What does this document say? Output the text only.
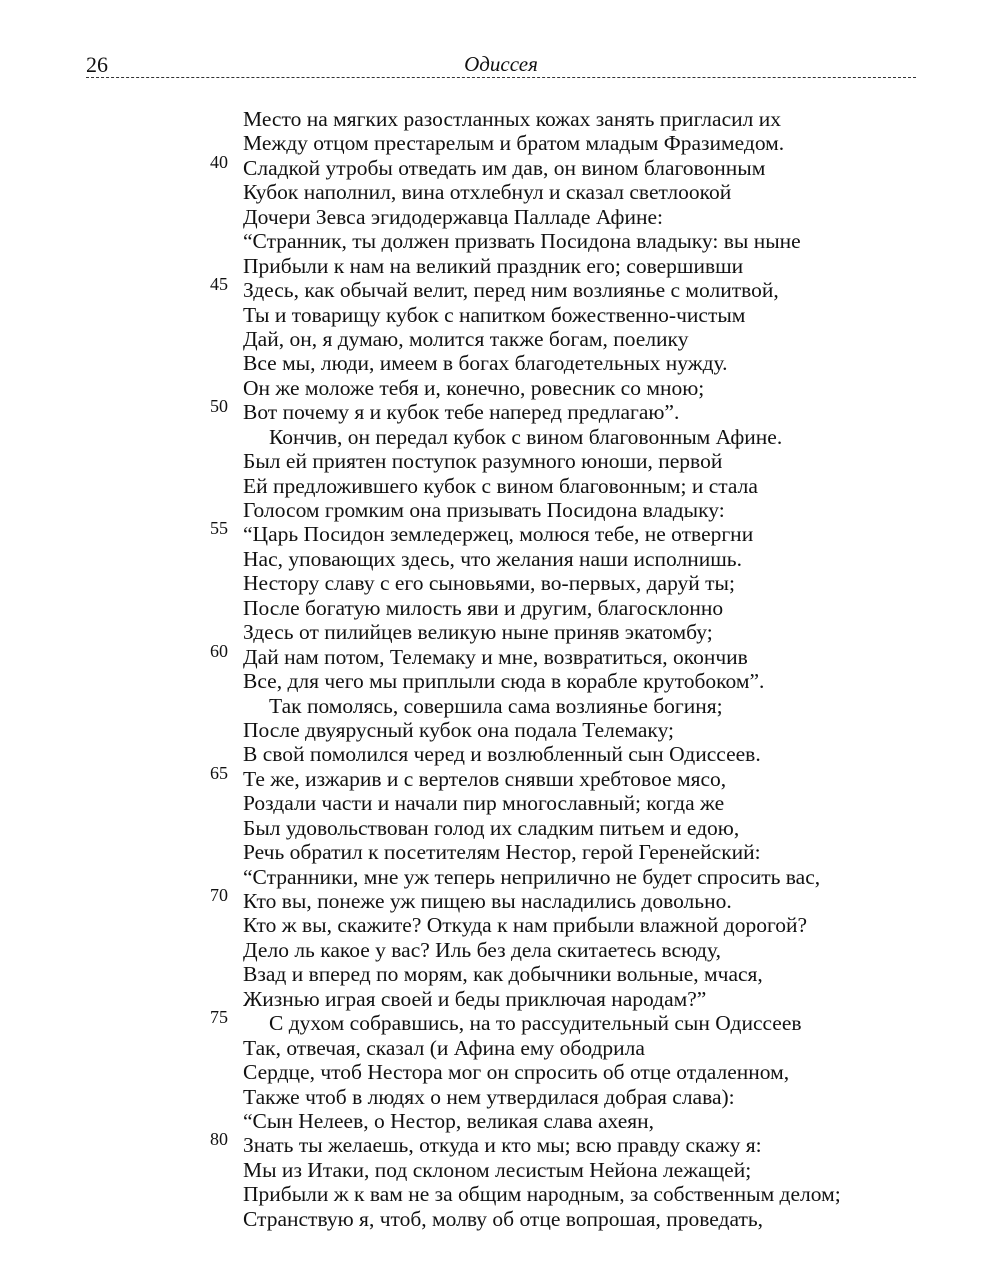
26	Одиссея
Место на мягких разостланных кожах занять пригласил их
Между отцом престарелым и братом младым Фразимедом.
40 Сладкой утробы отведать им дав, он вином благовонным
Кубок наполнил, вина отхлебнул и сказал светлоокой
Дочери Зевса эгидодержавца Палладе Афине:
“Странник, ты должен призвать Посидона владыку: вы ныне
Прибыли к нам на великий праздник его; совершивши
45 Здесь, как обычай велит, перед ним возлиянье с молитвой,
Ты и товарищу кубок с напитком божественно-чистым
Дай, он, я думаю, молится также богам, поелику
Все мы, люди, имеем в богах благодетельных нужду.
Он же моложе тебя и, конечно, ровесник со мною;
50 Вот почему я и кубок тебе наперед предлагаю”.
Кончив, он передал кубок с вином благовонным Афине.
Был ей приятен поступок разумного юноши, первой
Ей предложившего кубок с вином благовонным; и стала
Голосом громким она призывать Посидона владыку:
55 “Царь Посидон земледержец, молюся тебе, не отвергни
Нас, уповающих здесь, что желания наши исполнишь.
Нестору славу с его сыновьями, во-первых, даруй ты;
После богатую милость яви и другим, благосклонно
Здесь от пилийцев великую ныне приняв экатомбу;
60 Дай нам потом, Телемаку и мне, возвратиться, окончив
Все, для чего мы приплыли сюда в корабле крутобоком”.
Так помолясь, совершила сама возлиянье богиня;
После двуярусный кубок она подала Телемаку;
В свой помолился черед и возлюбленный сын Одиссеев.
65 Те же, изжарив и с вертелов снявши хребтовое мясо,
Роздали части и начали пир многославный; когда же
Был удовольствован голод их сладким питьем и едою,
Речь обратил к посетителям Нестор, герой Геренейский:
“Странники, мне уж теперь неприлично не будет спросить вас,
70 Кто вы, понеже уж пищею вы насладились довольно.
Кто ж вы, скажите? Откуда к нам прибыли влажной дорогой?
Дело ль какое у вас? Иль без дела скитаетесь всюду,
Взад и вперед по морям, как добычники вольные, мчася,
Жизнью играя своей и беды приключая народам?”
75 С духом собравшись, на то рассудительный сын Одиссеев
Так, отвечая, сказал (и Афина ему ободрила
Сердце, чтоб Нестора мог он спросить об отце отдаленном,
Также чтоб в людях о нем утвердилася добрая слава):
“Сын Нелеев, о Нестор, великая слава ахеян,
80 Знать ты желаешь, откуда и кто мы; всю правду скажу я:
Мы из Итаки, под склоном лесистым Нейона лежащей;
Прибыли ж к вам не за общим народным, за собственным делом;
Странствую я, чтоб, молву об отце вопрошая, проведать,
